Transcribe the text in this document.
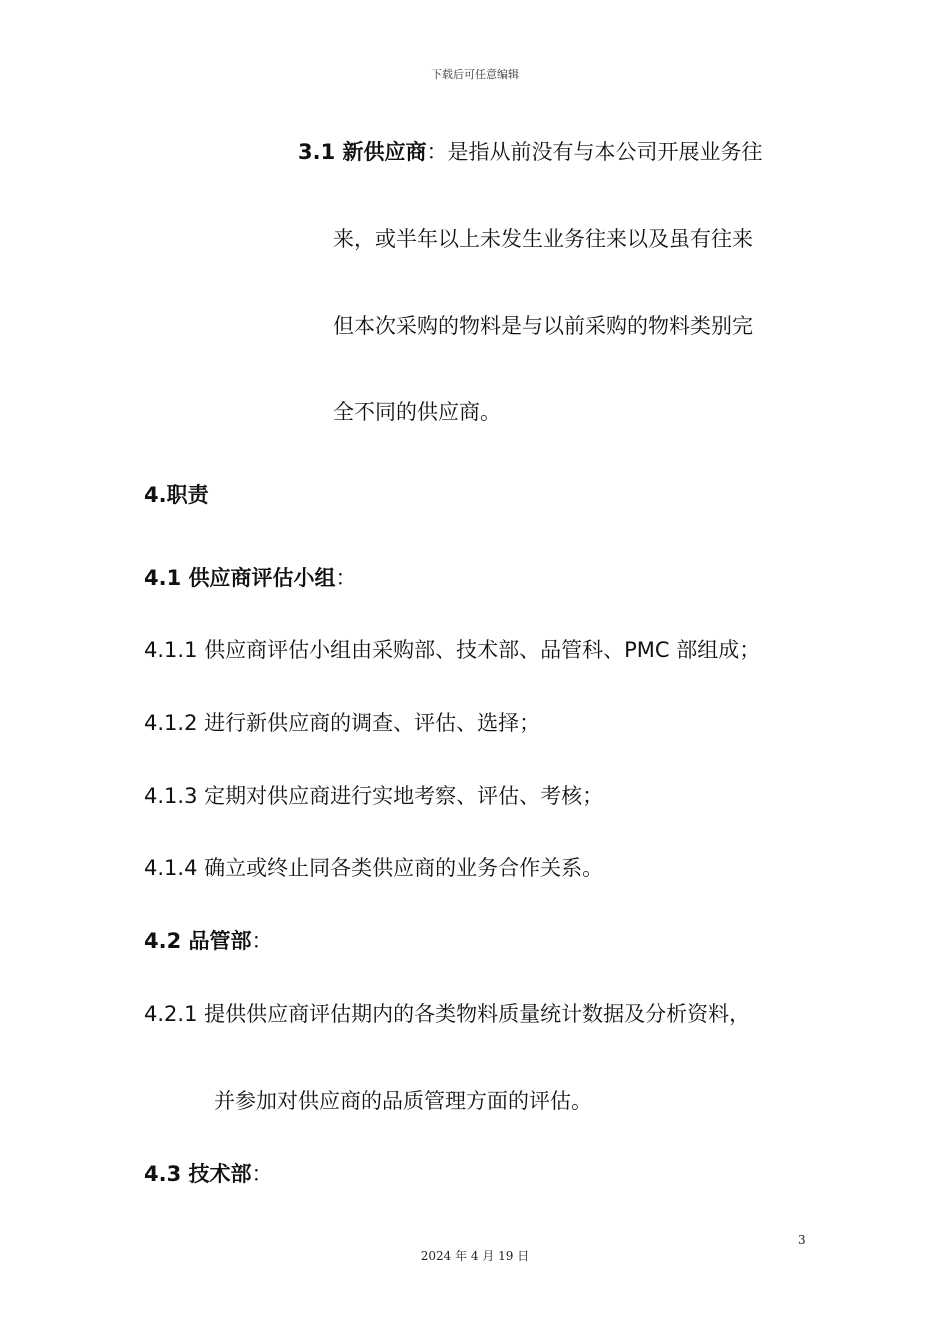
下载后可任意编辑
3.1 新供应商：是指从前没有与本公司开展业务往
来，或半年以上未发生业务往来以及虽有往来
但本次采购的物料是与以前采购的物料类别完
全不同的供应商。
4.职责
4.1 供应商评估小组：
4.1.1 供应商评估小组由采购部、技术部、品管科、PMC 部组成；
4.1.2 进行新供应商的调查、评估、选择；
4.1.3 定期对供应商进行实地考察、评估、考核；
4.1.4 确立或终止同各类供应商的业务合作关系。
4.2 品管部：
4.2.1 提供供应商评估期内的各类物料质量统计数据及分析资料，
并参加对供应商的品质管理方面的评估。
4.3 技术部：
3
2024 年 4 月 19 日
